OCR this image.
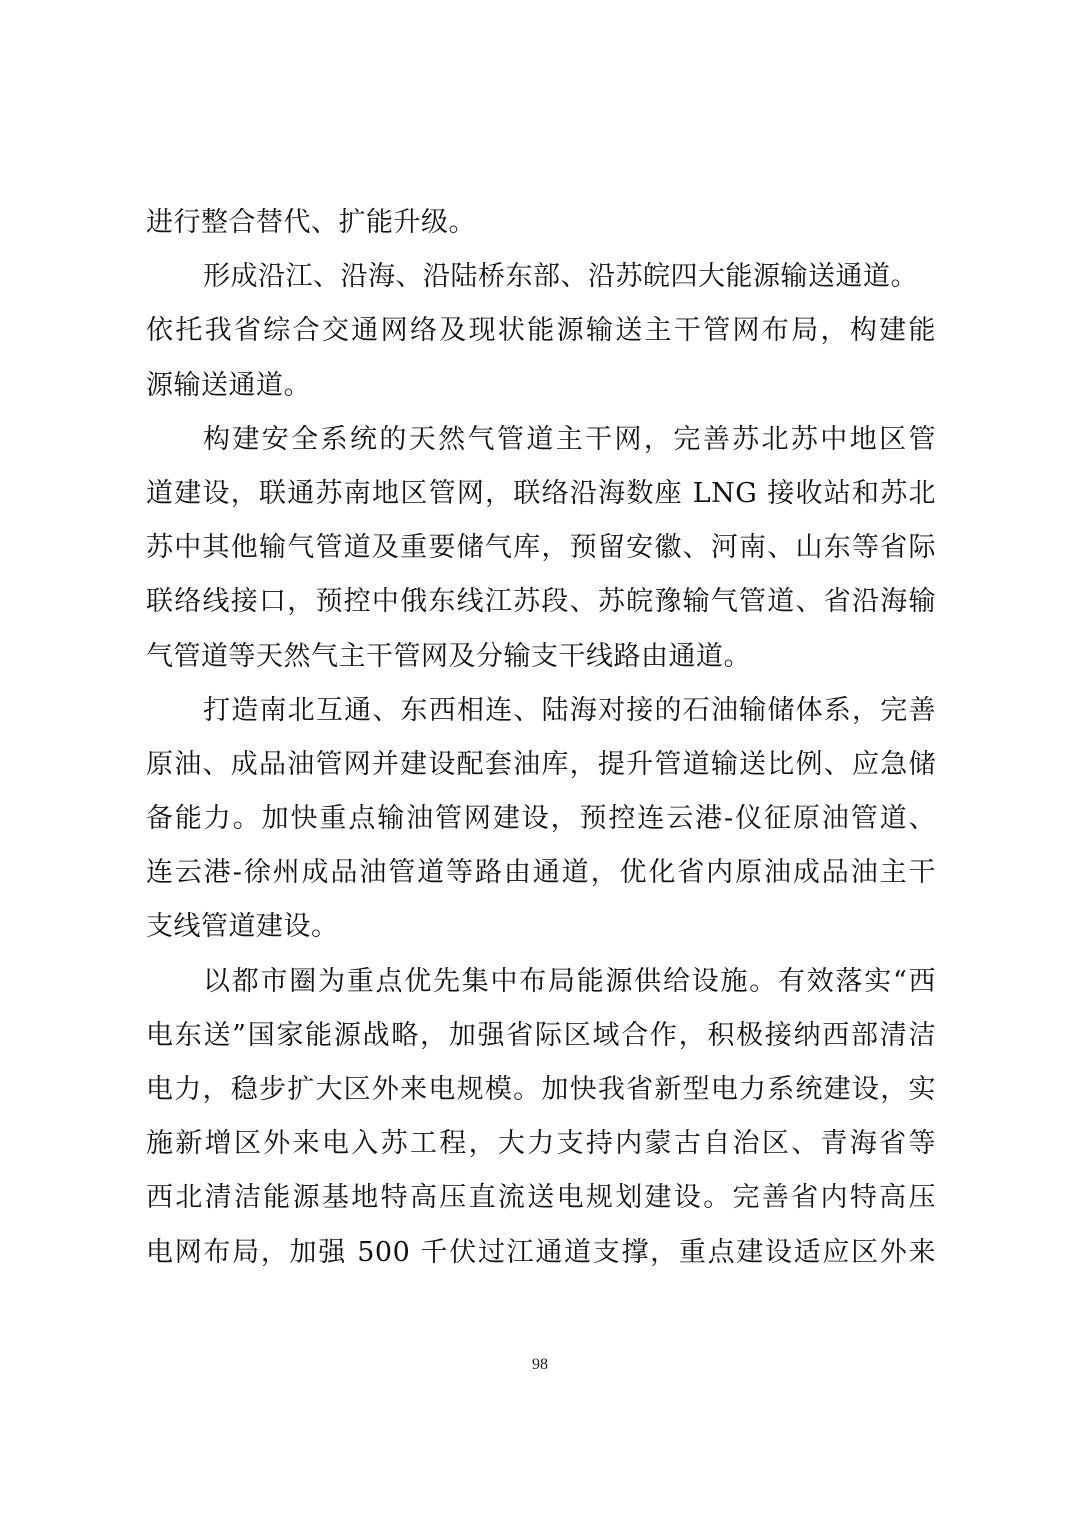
进行整合替代、扩能升级。
形成沿江、沿海、沿陆桥东部、沿苏皖四大能源输送通道。
依托我省综合交通网络及现状能源输送主干管网布局，构建能
源输送通道。
构建安全系统的天然气管道主干网，完善苏北苏中地区管
道建设，联通苏南地区管网，联络沿海数座 LNG 接收站和苏北
苏中其他输气管道及重要储气库，预留安徽、河南、山东等省际
联络线接口，预控中俄东线江苏段、苏皖豫输气管道、省沿海输
气管道等天然气主干管网及分输支干线路由通道。
打造南北互通、东西相连、陆海对接的石油输储体系，完善
原油、成品油管网并建设配套油库，提升管道输送比例、应急储
备能力。加快重点输油管网建设，预控连云港-仪征原油管道、
连云港-徐州成品油管道等路由通道，优化省内原油成品油主干
支线管道建设。
以都市圈为重点优先集中布局能源供给设施。有效落实“西
电东送”国家能源战略，加强省际区域合作，积极接纳西部清洁
电力，稳步扩大区外来电规模。加快我省新型电力系统建设，实
施新增区外来电入苏工程，大力支持内蒙古自治区、青海省等
西北清洁能源基地特高压直流送电规划建设。完善省内特高压
电网布局，加强 500 千伏过江通道支撑，重点建设适应区外来
98
